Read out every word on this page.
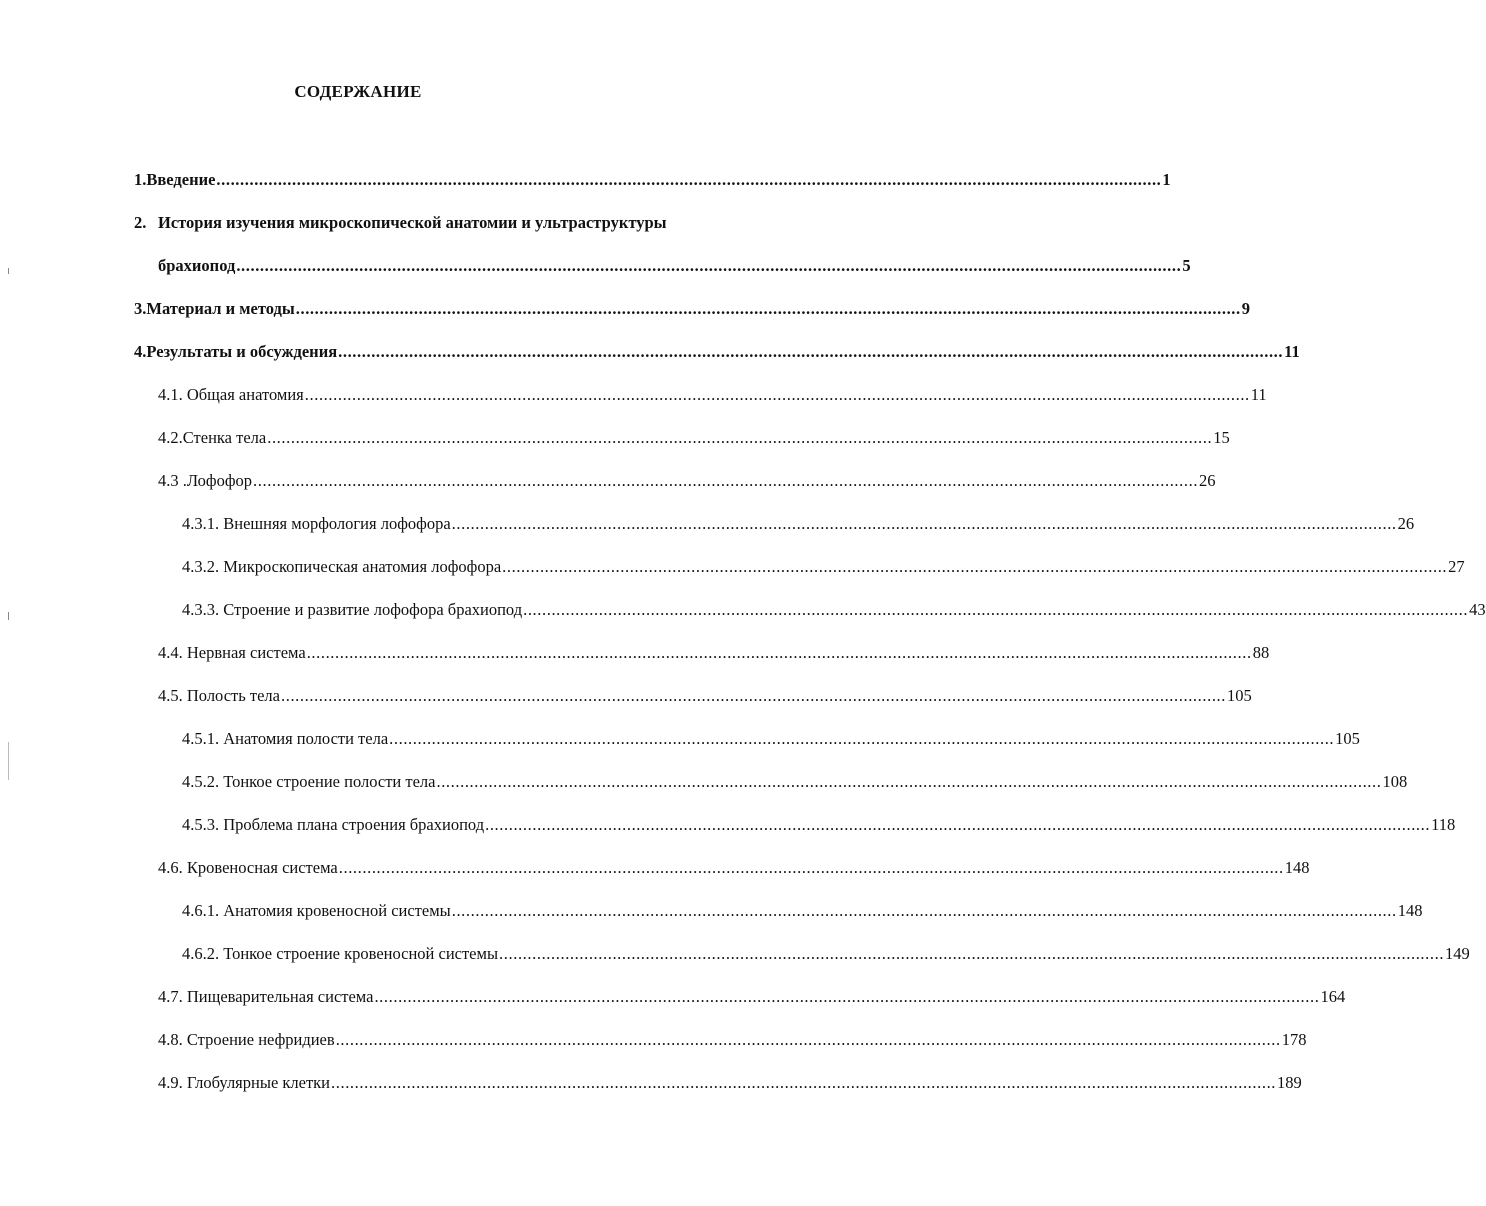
СОДЕРЖАНИЕ
1. Введение ........................................................................................................................................................................................................ 1
2. История изучения микроскопической анатомии и ультраструктуры
брахиопод ........................................................................................................................................................................................................ 5
3. Материал и методы ........................................................................................................................................................................................................ 9
4. Результаты и обсуждения ........................................................................................................................................................................................................ 11
4.1. Общая анатомия ........................................................................................................................................................................................................ 11
4.2.Стенка тела ........................................................................................................................................................................................................ 15
4.3 .Лофофор ........................................................................................................................................................................................................ 26
4.3.1. Внешняя морфология лофофора ........................................................................................................................................................................................................ 26
4.3.2. Микроскопическая анатомия лофофора ........................................................................................................................................................................................................ 27
4.3.3. Строение и развитие лофофора брахиопод ........................................................................................................................................................................................................ 43
4.4. Нервная система ........................................................................................................................................................................................................ 88
4.5. Полость тела ........................................................................................................................................................................................................ 105
4.5.1. Анатомия полости тела ........................................................................................................................................................................................................ 105
4.5.2. Тонкое строение полости тела ........................................................................................................................................................................................................ 108
4.5.3. Проблема плана строения брахиопод ........................................................................................................................................................................................................ 118
4.6. Кровеносная система ........................................................................................................................................................................................................ 148
4.6.1. Анатомия кровеносной системы ........................................................................................................................................................................................................ 148
4.6.2. Тонкое строение кровеносной системы ........................................................................................................................................................................................................ 149
4.7. Пищеварительная система ........................................................................................................................................................................................................ 164
4.8. Строение нефридиев ........................................................................................................................................................................................................ 178
4.9. Глобулярные клетки ........................................................................................................................................................................................................ 189
